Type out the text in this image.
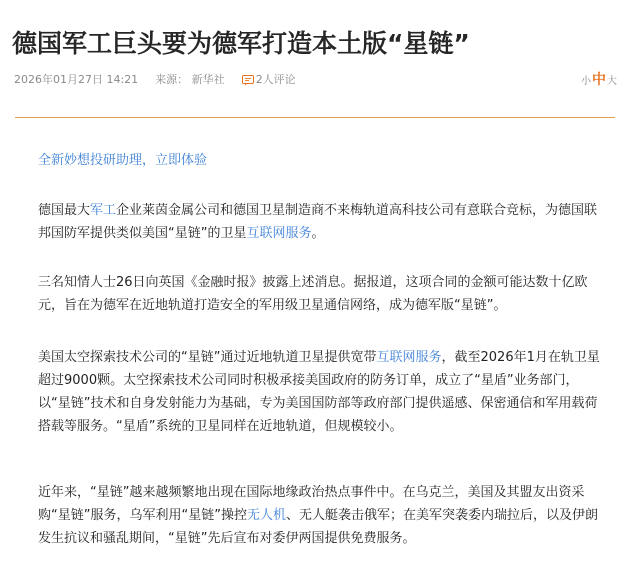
德国军工巨头要为德军打造本土版“星链”
2026年01月27日 14:21 来源： 新华社	2人评论	小中大
全新妙想投研助理，立即体验

德国最大军工企业莱茵金属公司和德国卫星制造商不来梅轨道高科技公司有意联合竞标，为德国联邦国防军提供类似美国“星链”的卫星互联网服务。

三名知情人士26日向英国《金融时报》披露上述消息。据报道，这项合同的金额可能达数十亿欧元，旨在为德军在近地轨道打造安全的军用级卫星通信网络，成为德军版“星链”。

美国太空探索技术公司的“星链”通过近地轨道卫星提供宽带互联网服务，截至2026年1月在轨卫星超过9000颗。太空探索技术公司同时积极承接美国政府的防务订单，成立了“星盾”业务部门，以“星链”技术和自身发射能力为基础，专为美国国防部等政府部门提供遥感、保密通信和军用载荷搭载等服务。“星盾”系统的卫星同样在近地轨道，但规模较小。

近年来，“星链”越来越频繁地出现在国际地缘政治热点事件中。在乌克兰，美国及其盟友出资采购“星链”服务，乌军利用“星链”操控无人机、无人艇袭击俄军；在美军突袭委内瑞拉后，以及伊朗发生抗议和骚乱期间，“星链”先后宣布对委伊两国提供免费服务。
